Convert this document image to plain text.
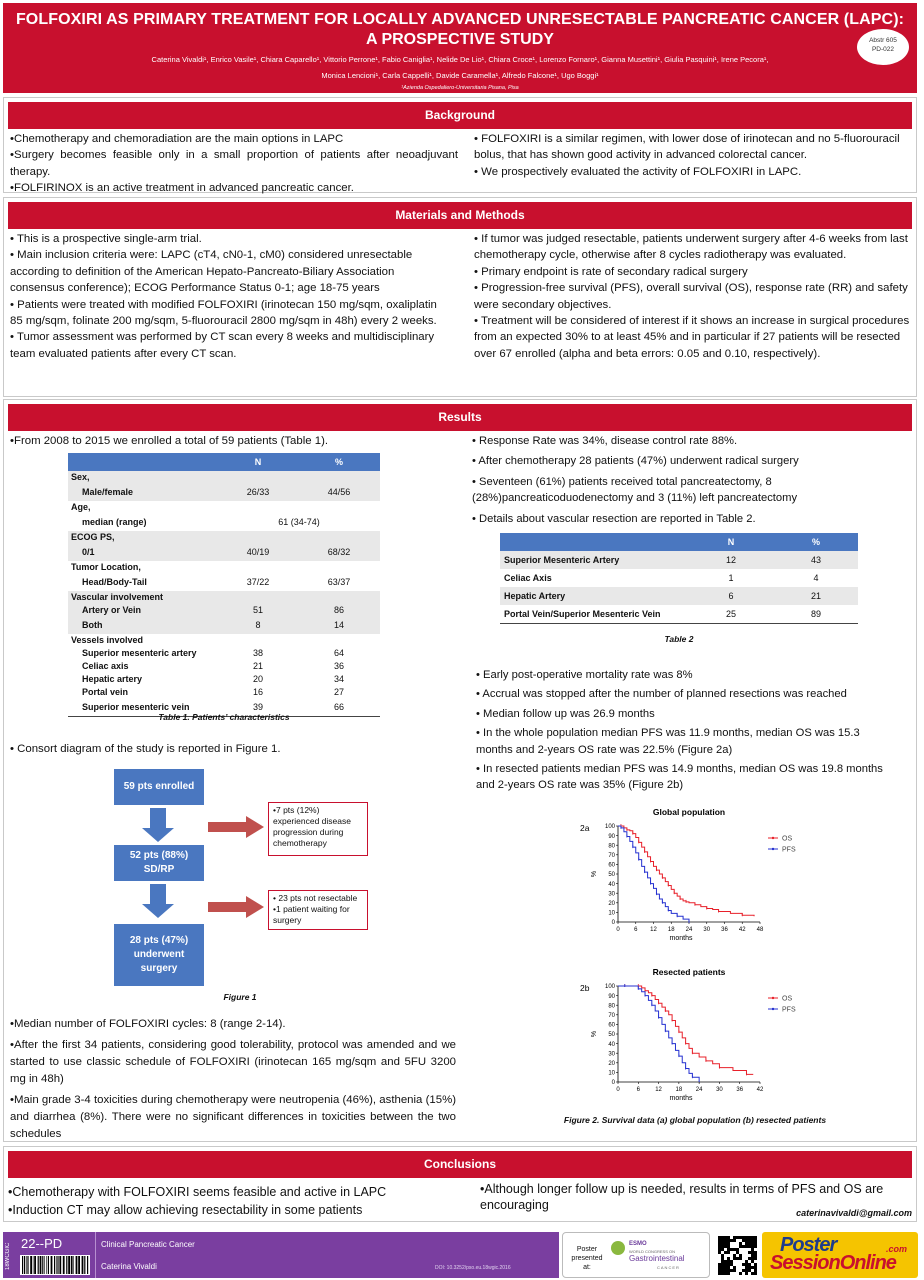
FOLFOXIRI AS PRIMARY TREATMENT FOR LOCALLY ADVANCED UNRESECTABLE PANCREATIC CANCER (LAPC):
A PROSPECTIVE STUDY
Caterina Vivaldi¹, Enrico Vasile¹, Chiara Caparello¹, Vittorio Perrone¹, Fabio Caniglia¹, Nelide De Lio¹, Chiara Croce¹, Lorenzo Fornaro¹, Gianna Musettini¹, Giulia Pasquini¹, Irene Pecora¹,
Monica Lencioni¹, Carla Cappelli¹, Davide Caramella¹, Alfredo Falcone¹, Ugo Boggi¹
¹Azienda Ospedaliero-Universitaria Pisana, Pisa
Abstr 605
PD-022
Background

•Chemotherapy and chemoradiation are the main options in LAPC

•Surgery becomes feasible only in a small proportion of patients after neoadjuvant therapy.

•FOLFIRINOX is an active treatment in advanced pancreatic cancer.

• FOLFOXIRI is a similar regimen, with lower dose of irinotecan and no 5-fluorouracil bolus, that has shown good activity in advanced colorectal cancer.

• We prospectively evaluated the activity of FOLFOXIRI in LAPC.

Materials and Methods

• This is a prospective single-arm trial.

• Main inclusion criteria were: LAPC (cT4, cN0-1, cM0) considered unresectable according to definition of the American Hepato-Pancreato-Biliary Association consensus conference); ECOG Performance Status 0-1; age 18-75 years

• Patients were treated with modified FOLFOXIRI (irinotecan 150 mg/sqm, oxaliplatin 85 mg/sqm, folinate 200 mg/sqm, 5-fluorouracil 2800 mg/sqm in 48h) every 2 weeks.

• Tumor assessment was performed by CT scan every 8 weeks and multidisciplinary team evaluated patients after every CT scan.

• If tumor was judged resectable, patients underwent surgery after 4-6 weeks from last chemotherapy cycle, otherwise after 8 cycles radiotherapy was evaluated.

• Primary endpoint is rate of secondary radical surgery

• Progression-free survival (PFS), overall survival (OS), response rate (RR) and safety were secondary objectives.

• Treatment will be considered of interest if it shows an increase in surgical procedures from an expected 30% to at least 45% and in particular if 27 patients will be resected over 67 enrolled (alpha and beta errors: 0.05 and 0.10, respectively).

Results
•From 2008 to 2015 we enrolled a total of 59 patients (Table 1).
	N	%
Sex,		
Male/female	26/33	44/56
Age,		
median (range)	61 (34-74)	
ECOG PS,		
0/1	40/19	68/32
Tumor Location,		
Head/Body-Tail	37/22	63/37
Vascular involvement		
Artery or Vein	51	86
Both	8	14
Vessels involved		
Superior mesenteric artery	38	64
Celiac axis	21	36
Hepatic artery	20	34
Portal vein	16	27
Superior mesenteric vein	39	66

Table 1. Patients’ characteristics
• Consort diagram of the study is reported in Figure 1.
59 pts enrolled
52 pts (88%) SD/RP
28 pts (47%) underwent surgery
•7 pts (12%) experienced disease progression during chemotherapy
• 23 pts not resectable
•1 patient waiting for surgery
Figure 1

•Median number of FOLFOXIRI cycles: 8 (range 2-14).

•After the first 34 patients, considering good tolerability, protocol was amended and we started to use classic schedule of FOLFOXIRI (irinotecan 165 mg/sqm and 5FU 3200 mg in 48h)

•Main grade 3-4 toxicities during chemotherapy were neutropenia (46%), asthenia (15%) and diarrhea (8%). There were no significant differences in toxicities between the two schedules

• Response Rate was 34%, disease control rate 88%.

• After chemotherapy 28 patients (47%) underwent radical surgery

• Seventeen (61%) patients received total pancreatectomy, 8 (28%)pancreaticoduodenectomy and 3 (11%) left pancreatectomy

• Details about vascular resection are reported in Table 2.

	N	%
Superior Mesenteric Artery	12	43
Celiac Axis	1	4
Hepatic Artery	6	21
Portal Vein/Superior Mesenteric Vein	25	89

Table 2

• Early post-operative mortality rate was 8%

• Accrual was stopped after the number of planned resections was reached

• Median follow up was 26.9 months

• In the whole population median PFS was 11.9 months, median OS was 15.3 months and 2-years OS rate was 22.5% (Figure 2a)

• In resected patients median PFS was 14.9 months, median OS was 19.8 months and 2-years OS rate was 35% (Figure 2b)

Global population
2a
0
10
20
30
40
50
60
70
80
90
100
0 6 12 18 24 30 36 42 48
months
%
OS
PFS
Resected patients
2b
0
10
20
30
40
50
60
70
80
90
100
0	6	12 18 24 30 36 42
months
%
OS
PFS
Figure 2. Survival data (a) global population (b) resected patients
Conclusions

•Chemotherapy with FOLFOXIRI seems feasible and active in LAPC

•Induction CT may allow achieving resectability in some patients

•Although longer follow up is needed, results in terms of PFS and OS are encouraging

caterinavivaldi@gmail.com
18WCGIC 22--PD	Clinical Pancreatic Cancer
Caterina Vivaldi	DOI: 10.3252/pso.eu.18wgic.2016
Poster
presented at:
ESMO
WORLD CONGRESS ON
Gastrointestinal
CANCER
Poster
SessionOnline
.com
